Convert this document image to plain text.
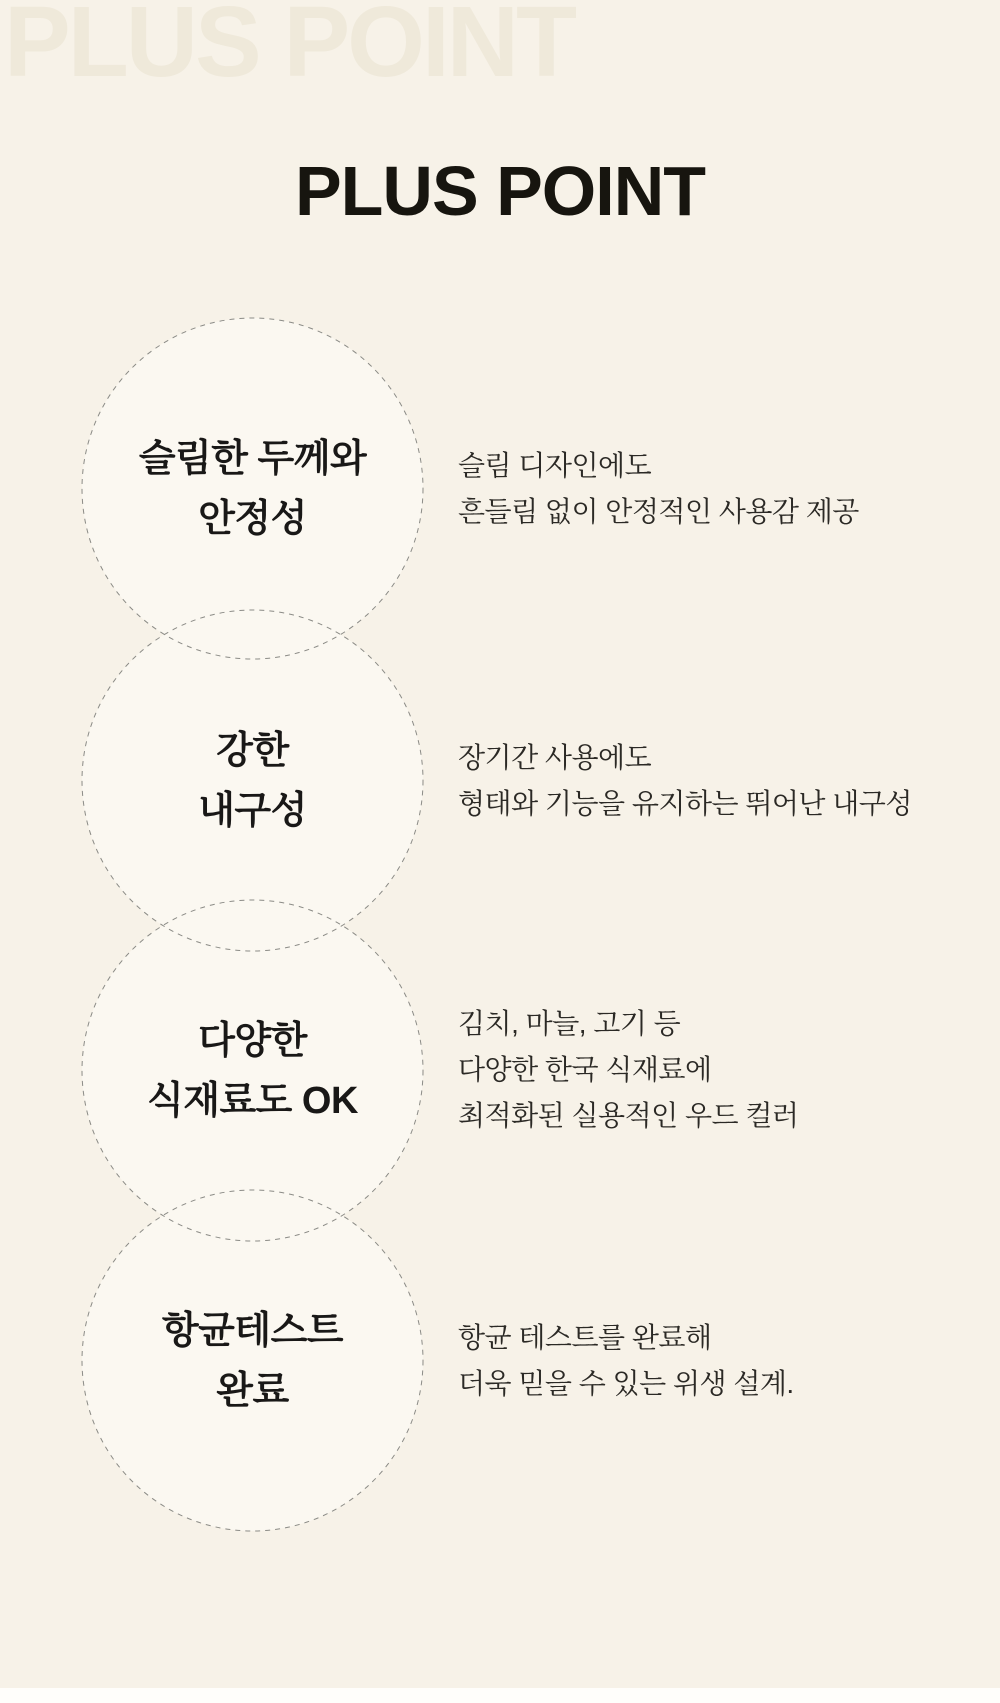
PLUS POINT
PLUS POINT
슬림한 두께와
안정성
슬림 디자인에도
흔들림 없이 안정적인 사용감 제공
강한
내구성
장기간 사용에도
형태와 기능을 유지하는 뛰어난 내구성
다양한
식재료도 OK
김치, 마늘, 고기 등
다양한 한국 식재료에
최적화된 실용적인 우드 컬러
항균테스트
완료
항균 테스트를 완료해
더욱 믿을 수 있는 위생 설계.
